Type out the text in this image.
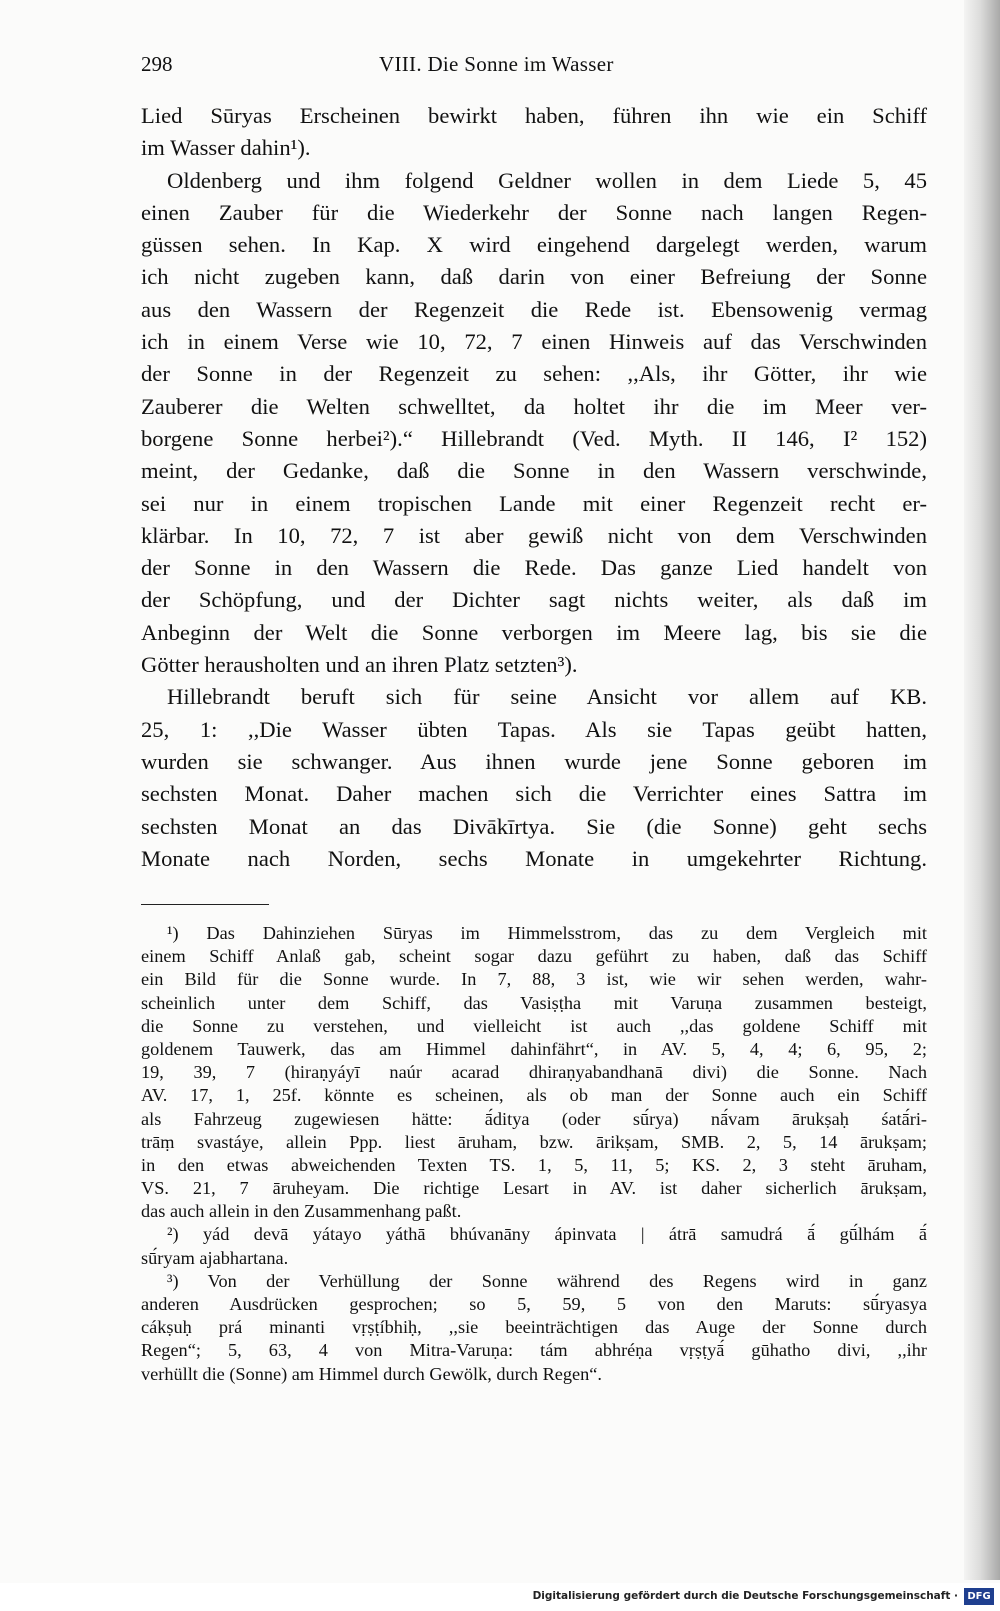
298	VIII. Die Sonne im Wasser
Lied Sūryas Erscheinen bewirkt haben, führen ihn wie ein Schiff
im Wasser dahin¹).
Oldenberg und ihm folgend Geldner wollen in dem Liede 5, 45
einen Zauber für die Wiederkehr der Sonne nach langen Regen-
güssen sehen. In Kap. X wird eingehend dargelegt werden, warum
ich nicht zugeben kann, daß darin von einer Befreiung der Sonne
aus den Wassern der Regenzeit die Rede ist. Ebensowenig vermag
ich in einem Verse wie 10, 72, 7 einen Hinweis auf das Verschwinden
der Sonne in der Regenzeit zu sehen: ,,Als, ihr Götter, ihr wie
Zauberer die Welten schwelltet, da holtet ihr die im Meer ver-
borgene Sonne herbei²).“ Hillebrandt (Ved. Myth. II 146, I² 152)
meint, der Gedanke, daß die Sonne in den Wassern verschwinde,
sei nur in einem tropischen Lande mit einer Regenzeit recht er-
klärbar. In 10, 72, 7 ist aber gewiß nicht von dem Verschwinden
der Sonne in den Wassern die Rede. Das ganze Lied handelt von
der Schöpfung, und der Dichter sagt nichts weiter, als daß im
Anbeginn der Welt die Sonne verborgen im Meere lag, bis sie die
Götter herausholten und an ihren Platz setzten³).
Hillebrandt beruft sich für seine Ansicht vor allem auf KB.
25, 1: ,,Die Wasser übten Tapas. Als sie Tapas geübt hatten,
wurden sie schwanger. Aus ihnen wurde jene Sonne geboren im
sechsten Monat. Daher machen sich die Verrichter eines Sattra im
sechsten Monat an das Divākīrtya. Sie (die Sonne) geht sechs
Monate nach Norden, sechs Monate in umgekehrter Richtung.
¹) Das Dahinziehen Sūryas im Himmelsstrom, das zu dem Vergleich mit
einem Schiff Anlaß gab, scheint sogar dazu geführt zu haben, daß das Schiff
ein Bild für die Sonne wurde. In 7, 88, 3 ist, wie wir sehen werden, wahr-
scheinlich unter dem Schiff, das Vasiṣṭha mit Varuṇa zusammen besteigt,
die Sonne zu verstehen, und vielleicht ist auch ,,das goldene Schiff mit
goldenem Tauwerk, das am Himmel dahinfährt“, in AV. 5, 4, 4; 6, 95, 2;
19, 39, 7 (hiraṇyáyī naúr acarad dhiraṇyabandhanā divi) die Sonne. Nach
AV. 17, 1, 25f. könnte es scheinen, als ob man der Sonne auch ein Schiff
als Fahrzeug zugewiesen hätte: ā́ditya (oder sū́rya) nā́vam ārukṣaḥ śatā́ri-
trāṃ svastáye, allein Ppp. liest āruham, bzw. ārikṣam, SMB. 2, 5, 14 ārukṣam;
in den etwas abweichenden Texten TS. 1, 5, 11, 5; KS. 2, 3 steht āruham,
VS. 21, 7 āruheyam. Die richtige Lesart in AV. ist daher sicherlich ārukṣam,
das auch allein in den Zusammenhang paßt.
²) yád devā yátayo yáthā bhúvanāny ápinvata | átrā samudrá ā́ gū́lhám ā́
sū́ryam ajabhartana.
³) Von der Verhüllung der Sonne während des Regens wird in ganz
anderen Ausdrücken gesprochen; so 5, 59, 5 von den Maruts: sū́ryasya
cákṣuḥ prá minanti vṛṣṭíbhiḥ, ,,sie beeinträchtigen das Auge der Sonne durch
Regen“; 5, 63, 4 von Mitra-Varuṇa: tám abhréṇa vṛṣṭyā́ gūhatho divi, ,,ihr
verhüllt die (Sonne) am Himmel durch Gewölk, durch Regen“.
Digitalisierung gefördert durch die Deutsche Forschungsgemeinschaft · DFG
